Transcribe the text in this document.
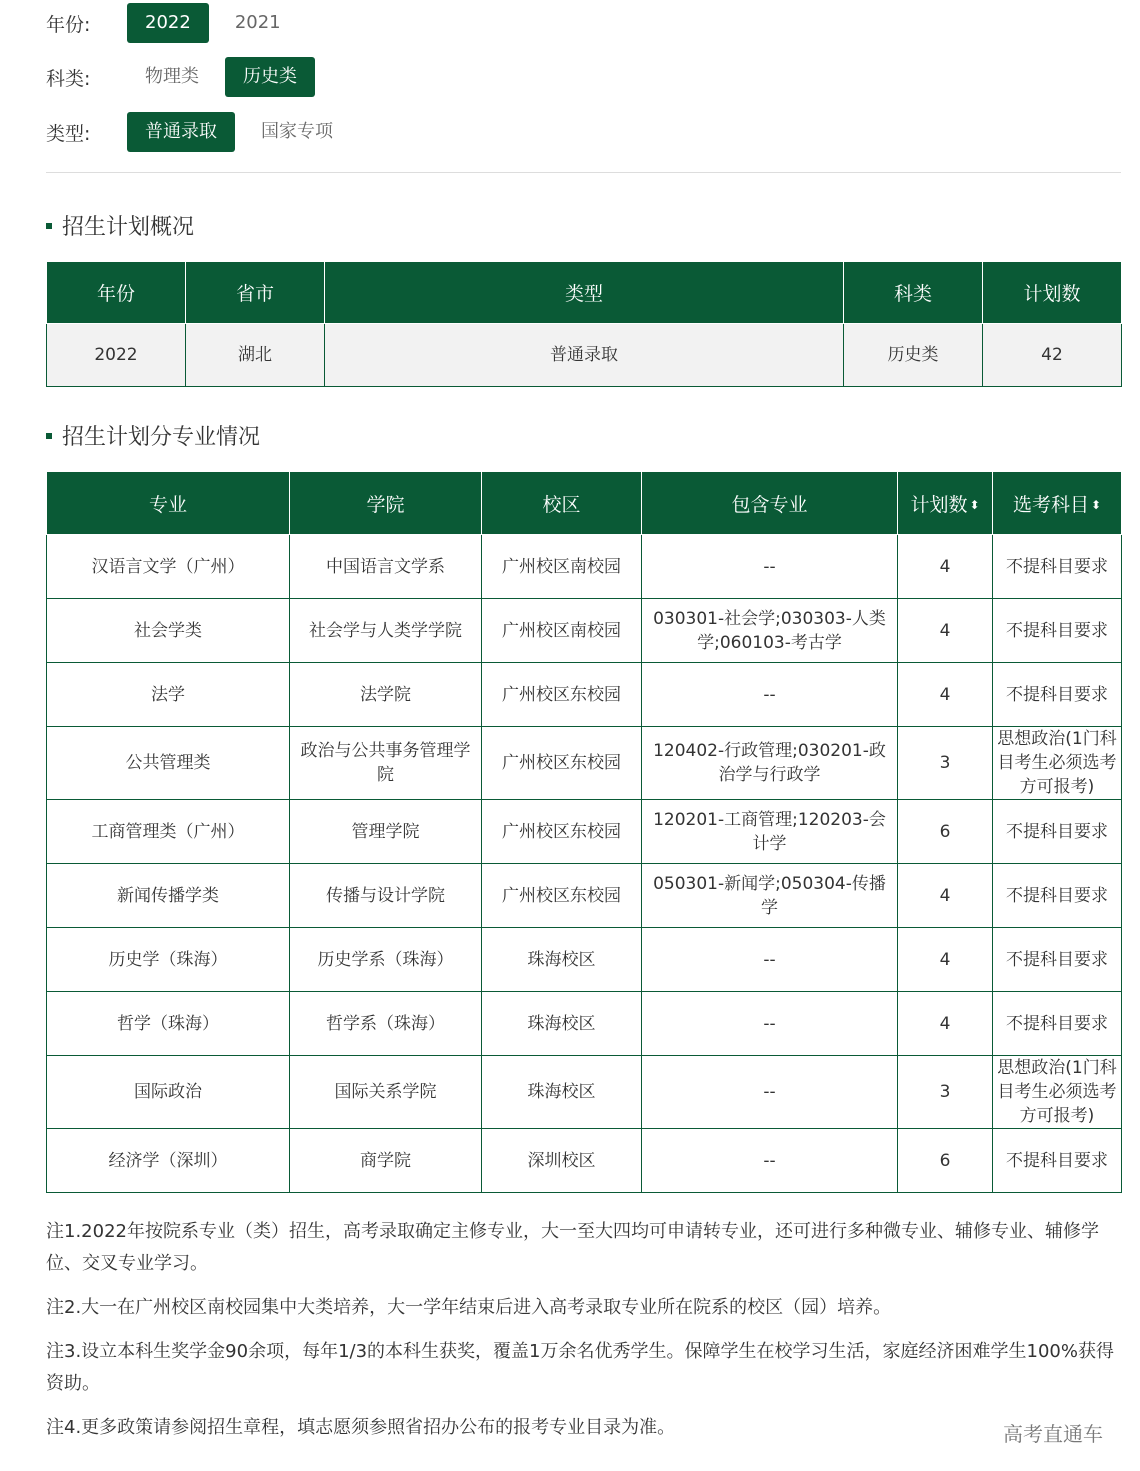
年份:	2022	2021
科类:	物理类	历史类
类型:	普通录取	国家专项
招生计划概况
年份	省市	类型	科类	计划数
2022	湖北	普通录取	历史类	42
招生计划分专业情况
专业	学院	校区	包含专业	计划数 ⬍	选考科目 ⬍
汉语言文学（广州）	中国语言文学系	广州校区南校园	--	4	不提科目要求
社会学类	社会学与人类学学院	广州校区南校园	030301-社会学;030303-人类学;060103-考古学	4	不提科目要求
法学	法学院	广州校区东校园	--	4	不提科目要求
公共管理类	政治与公共事务管理学院	广州校区东校园	120402-行政管理;030201-政治学与行政学	3	思想政治(1门科目考生必须选考方可报考)
工商管理类（广州）	管理学院	广州校区东校园	120201-工商管理;120203-会计学	6	不提科目要求
新闻传播学类	传播与设计学院	广州校区东校园	050301-新闻学;050304-传播学	4	不提科目要求
历史学（珠海）	历史学系（珠海）	珠海校区	--	4	不提科目要求
哲学（珠海）	哲学系（珠海）	珠海校区	--	4	不提科目要求
国际政治	国际关系学院	珠海校区	--	3	思想政治(1门科目考生必须选考方可报考)
经济学（深圳）	商学院	深圳校区	--	6	不提科目要求

注1.2022年按院系专业（类）招生，高考录取确定主修专业，大一至大四均可申请转专业，还可进行多种微专业、辅修专业、辅修学位、交叉专业学习。

注2.大一在广州校区南校园集中大类培养，大一学年结束后进入高考录取专业所在院系的校区（园）培养。

注3.设立本科生奖学金90余项，每年1/3的本科生获奖，覆盖1万余名优秀学生。保障学生在校学习生活，家庭经济困难学生100%获得资助。

注4.更多政策请参阅招生章程，填志愿须参照省招办公布的报考专业目录为准。	高考直通车
